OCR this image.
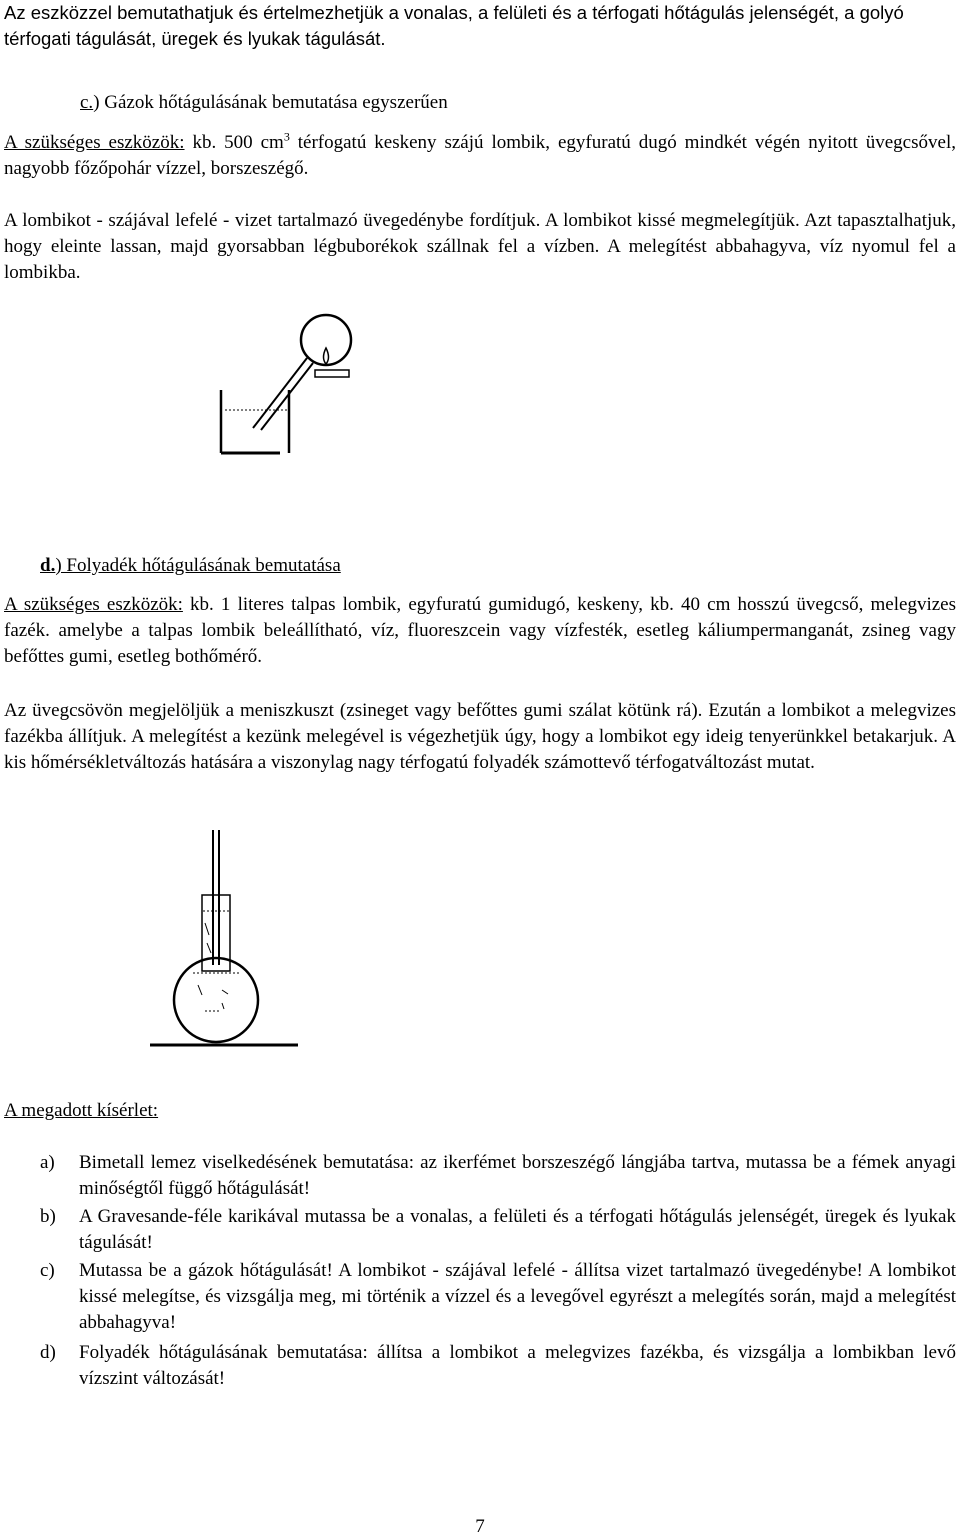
Az eszközzel bemutathatjuk és értelmezhetjük a vonalas, a felületi és a térfogati hőtágulás jelenségét, a golyó térfogati tágulását, üregek és lyukak tágulását.

c.) Gázok hőtágulásának bemutatása egyszerűen

A szükséges eszközök: kb. 500 $cm^3$ térfogatú keskeny szájú lombik, egyfuratú dugó mindkét végén nyitott üvegcsővel, nagyobb főzőpohár vízzel, borszeszégő.

A lombikot - szájával lefelé - vizet tartalmazó üvegedénybe fordítjuk. A lombikot kissé megmelegítjük. Azt tapasztalhatjuk, hogy eleinte lassan, majd gyorsabban légbuborékok szállnak fel a vízben. A melegítést abbahagyva, víz nyomul fel a lombikba.

d.) Folyadék hőtágulásának bemutatása

A szükséges eszközök: kb. 1 literes talpas lombik, egyfuratú gumidugó, keskeny, kb. 40 cm hosszú üvegcső, melegvizes fazék. amelybe a talpas lombik beleállítható, víz, fluoreszcein vagy vízfesték, esetleg káliumpermanganát, zsineg vagy befőttes gumi, esetleg bothőmérő.

Az üvegcsövön megjelöljük a meniszkuszt (zsineget vagy befőttes gumi szálat kötünk rá). Ezután a lombikot a melegvizes fazékba állítjuk. A melegítést a kezünk melegével is végezhetjük úgy, hogy a lombikot egy ideig tenyerünkkel betakarjuk. A kis hőmérsékletváltozás hatására a viszonylag nagy térfogatú folyadék számottevő térfogatváltozást mutat.

A megadott kísérlet:
a) Bimetall lemez viselkedésének bemutatása: az ikerfémet borszeszégő lángjába tartva, mutassa be a fémek anyagi minőségtől függő hőtágulását!
b) A Gravesande-féle karikával mutassa be a vonalas, a felületi és a térfogati hőtágulás jelenségét, üregek és lyukak tágulását!
c) Mutassa be a gázok hőtágulását! A lombikot - szájával lefelé - állítsa vizet tartalmazó üvegedénybe! A lombikot kissé melegítse, és vizsgálja meg, mi történik a vízzel és a levegővel egyrészt a melegítés során, majd a melegítést abbahagyva!
d) Folyadék hőtágulásának bemutatása: állítsa a lombikot a melegvizes fazékba, és vizsgálja a lombikban levő vízszint változását!
7
